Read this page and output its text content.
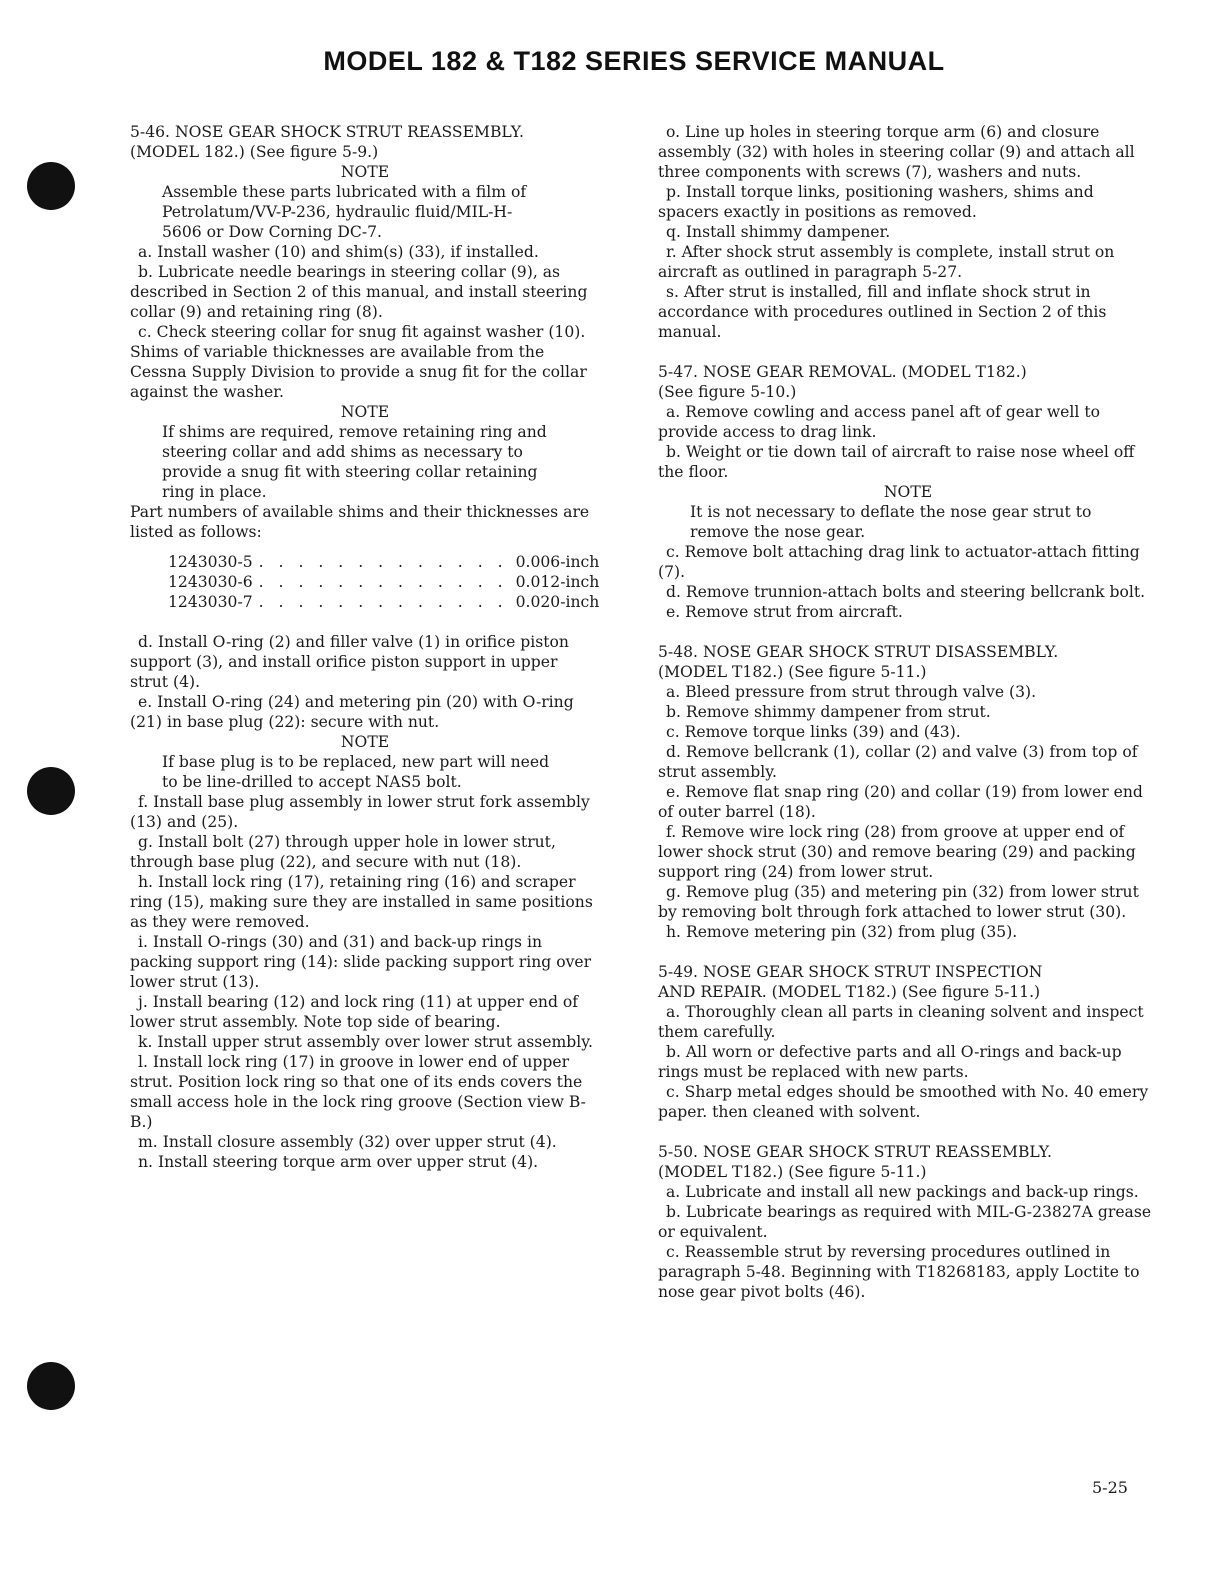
MODEL 182 & T182 SERIES SERVICE MANUAL

5-46. NOSE GEAR SHOCK STRUT REASSEMBLY.

(MODEL 182.) (See figure 5-9.)

NOTE

Assemble these parts lubricated with a film of Petrolatum/VV-P-236, hydraulic fluid/MIL-H-5606 or Dow Corning DC-7.

a. Install washer (10) and shim(s) (33), if installed.

b. Lubricate needle bearings in steering collar (9), as described in Section 2 of this manual, and install steering collar (9) and retaining ring (8).

c. Check steering collar for snug fit against washer (10). Shims of variable thicknesses are available from the Cessna Supply Division to provide a snug fit for the collar against the washer.

NOTE

If shims are required, remove retaining ring and steering collar and add shims as necessary to provide a snug fit with steering collar retaining ring in place.

Part numbers of available shims and their thicknesses are listed as follows:

1243030-5	. . . . . . . . . . . . .	0.006-inch
1243030-6	. . . . . . . . . . . . .	0.012-inch
1243030-7	. . . . . . . . . . . . .	0.020-inch

d. Install O-ring (2) and filler valve (1) in orifice piston support (3), and install orifice piston support in upper strut (4).

e. Install O-ring (24) and metering pin (20) with O-ring (21) in base plug (22): secure with nut.

NOTE

If base plug is to be replaced, new part will need to be line-drilled to accept NAS5 bolt.

f. Install base plug assembly in lower strut fork assembly (13) and (25).

g. Install bolt (27) through upper hole in lower strut, through base plug (22), and secure with nut (18).

h. Install lock ring (17), retaining ring (16) and scraper ring (15), making sure they are installed in same positions as they were removed.

i. Install O-rings (30) and (31) and back-up rings in packing support ring (14): slide packing support ring over lower strut (13).

j. Install bearing (12) and lock ring (11) at upper end of lower strut assembly. Note top side of bearing.

k. Install upper strut assembly over lower strut assembly.

l. Install lock ring (17) in groove in lower end of upper strut. Position lock ring so that one of its ends covers the small access hole in the lock ring groove (Section view B-B.)

m. Install closure assembly (32) over upper strut (4).

n. Install steering torque arm over upper strut (4).

o. Line up holes in steering torque arm (6) and closure assembly (32) with holes in steering collar (9) and attach all three components with screws (7), washers and nuts.

p. Install torque links, positioning washers, shims and spacers exactly in positions as removed.

q. Install shimmy dampener.

r. After shock strut assembly is complete, install strut on aircraft as outlined in paragraph 5-27.

s. After strut is installed, fill and inflate shock strut in accordance with procedures outlined in Section 2 of this manual.

5-47. NOSE GEAR REMOVAL. (MODEL T182.)

(See figure 5-10.)

a. Remove cowling and access panel aft of gear well to provide access to drag link.

b. Weight or tie down tail of aircraft to raise nose wheel off the floor.

NOTE

It is not necessary to deflate the nose gear strut to remove the nose gear.

c. Remove bolt attaching drag link to actuator-attach fitting (7).

d. Remove trunnion-attach bolts and steering bellcrank bolt.

e. Remove strut from aircraft.

5-48. NOSE GEAR SHOCK STRUT DISASSEMBLY.

(MODEL T182.) (See figure 5-11.)

a. Bleed pressure from strut through valve (3).

b. Remove shimmy dampener from strut.

c. Remove torque links (39) and (43).

d. Remove bellcrank (1), collar (2) and valve (3) from top of strut assembly.

e. Remove flat snap ring (20) and collar (19) from lower end of outer barrel (18).

f. Remove wire lock ring (28) from groove at upper end of lower shock strut (30) and remove bearing (29) and packing support ring (24) from lower strut.

g. Remove plug (35) and metering pin (32) from lower strut by removing bolt through fork attached to lower strut (30).

h. Remove metering pin (32) from plug (35).

5-49. NOSE GEAR SHOCK STRUT INSPECTION

AND REPAIR. (MODEL T182.) (See figure 5-11.)

a. Thoroughly clean all parts in cleaning solvent and inspect them carefully.

b. All worn or defective parts and all O-rings and back-up rings must be replaced with new parts.

c. Sharp metal edges should be smoothed with No. 40 emery paper. then cleaned with solvent.

5-50. NOSE GEAR SHOCK STRUT REASSEMBLY.

(MODEL T182.) (See figure 5-11.)

a. Lubricate and install all new packings and back-up rings.

b. Lubricate bearings as required with MIL-G-23827A grease or equivalent.

c. Reassemble strut by reversing procedures outlined in paragraph 5-48. Beginning with T18268183, apply Loctite to nose gear pivot bolts (46).

5-25
